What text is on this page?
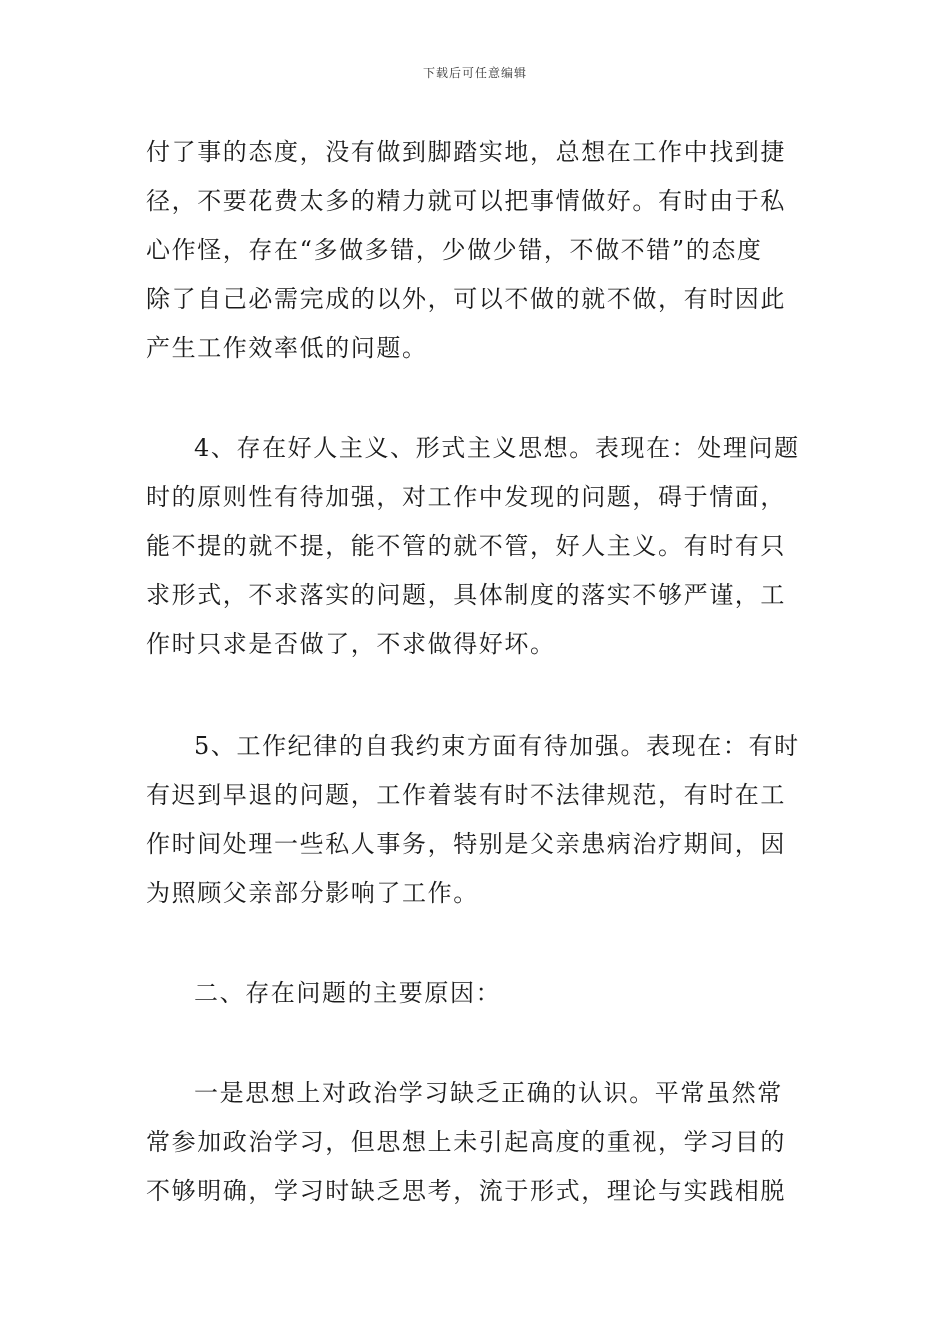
下载后可任意编辑
付了事的态度，没有做到脚踏实地，总想在工作中找到捷
径，不要花费太多的精力就可以把事情做好。有时由于私
心作怪，存在“多做多错，少做少错，不做不错”的态度
除了自己必需完成的以外，可以不做的就不做，有时因此
产生工作效率低的问题。
4、存在好人主义、形式主义思想。表现在：处理问题
时的原则性有待加强，对工作中发现的问题，碍于情面，
能不提的就不提，能不管的就不管，好人主义。有时有只
求形式，不求落实的问题，具体制度的落实不够严谨，工
作时只求是否做了，不求做得好坏。
5、工作纪律的自我约束方面有待加强。表现在：有时
有迟到早退的问题，工作着装有时不法律规范，有时在工
作时间处理一些私人事务，特别是父亲患病治疗期间，因
为照顾父亲部分影响了工作。
二、存在问题的主要原因：
一是思想上对政治学习缺乏正确的认识。平常虽然常
常参加政治学习，但思想上未引起高度的重视，学习目的
不够明确，学习时缺乏思考，流于形式，理论与实践相脱
